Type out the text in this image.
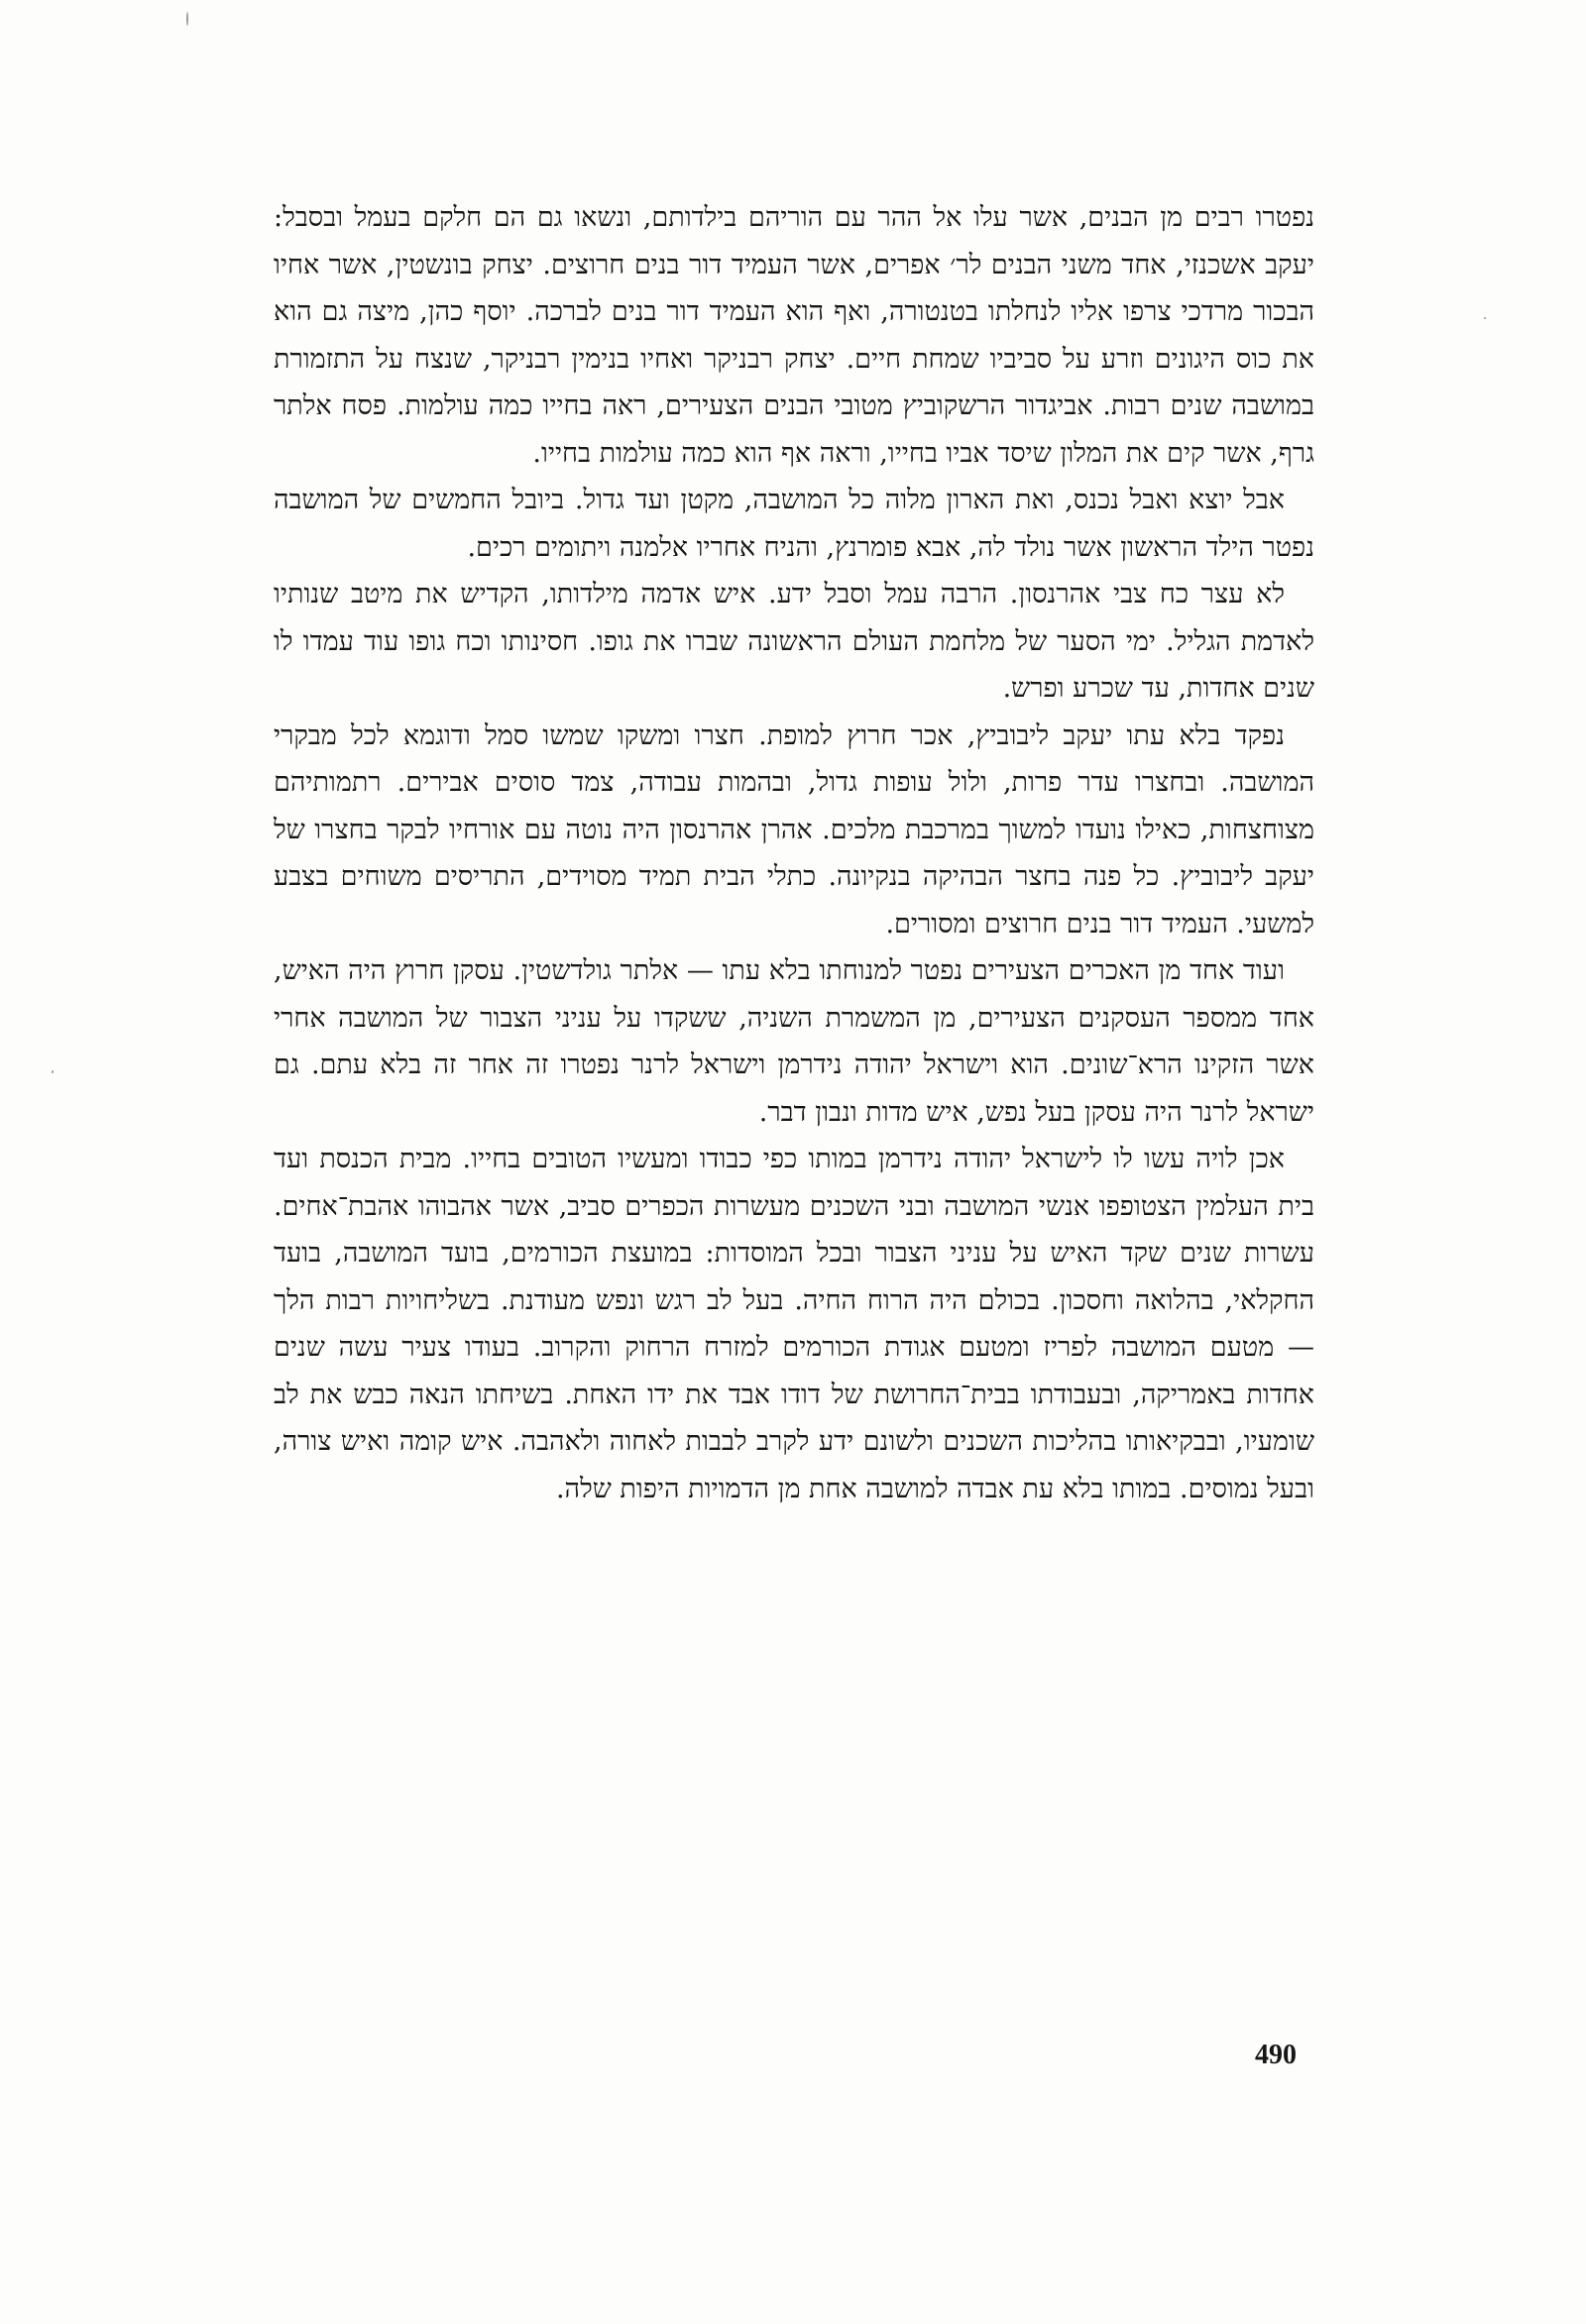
נפטרו רבים מן הבנים, אשר עלו אל ההר עם הוריהם בילדותם, ונשאו גם הם חלקם בעמל ובסבל: יעקב אשכנזי, אחד משני הבנים לר׳ אפרים, אשר העמיד דור בנים חרוצים. יצחק בונשטין, אשר אחיו הבכור מרדכי צרפו אליו לנחלתו בטנטורה, ואף הוא העמיד דור בנים לברכה. יוסף כהן, מיצה גם הוא את כוס היגונים וזרע על סביביו שמחת חיים. יצחק רבניקר ואחיו בנימין רבניקר, שנצח על התזמורת במושבה שנים רבות. אביגדור הרשקוביץ מטובי הבנים הצעירים, ראה בחייו כמה עולמות. פסח אלתר גרף, אשר קים את המלון שיסד אביו בחייו, וראה אף הוא כמה עולמות בחייו.

אבל יוצא ואבל נכנס, ואת הארון מלוה כל המושבה, מקטן ועד גדול. ביובל החמשים של המושבה נפטר הילד הראשון אשר נולד לה, אבא פומרנץ, והניח אחריו אלמנה ויתומים רכים.

לא עצר כח צבי אהרנסון. הרבה עמל וסבל ידע. איש אדמה מילדותו, הקדיש את מיטב שנותיו לאדמת הגליל. ימי הסער של מלחמת העולם הראשונה שברו את גופו. חסינותו וכח גופו עוד עמדו לו שנים אחדות, עד שכרע ופרש.

נפקד בלא עתו יעקב ליבוביץ, אכר חרוץ למופת. חצרו ומשקו שמשו סמל ודוגמא לכל מבקרי המושבה. ובחצרו עדר פרות, ולול עופות גדול, ובהמות עבודה, צמד סוסים אבירים. רתמותיהם מצוחצחות, כאילו נועדו למשוך במרכבת מלכים. אהרן אהרנסון היה נוטה עם אורחיו לבקר בחצרו של יעקב ליבוביץ. כל פנה בחצר הבהיקה בנקיונה. כתלי הבית תמיד מסוידים, התריסים משוחים בצבע למשעי. העמיד דור בנים חרוצים ומסורים.

ועוד אחד מן האכרים הצעירים נפטר למנוחתו בלא עתו — אלתר גולדשטין. עסקן חרוץ היה האיש, אחד ממספר העסקנים הצעירים, מן המשמרת השניה, ששקדו על עניני הצבור של המושבה אחרי אשר הזקינו הרא־שונים. הוא וישראל יהודה נידרמן וישראל לרנר נפטרו זה אחר זה בלא עתם. גם ישראל לרנר היה עסקן בעל נפש, איש מדות ונבון דבר.

אכן לויה עשו לו לישראל יהודה נידרמן במותו כפי כבודו ומעשיו הטובים בחייו. מבית הכנסת ועד בית העלמין הצטופפו אנשי המושבה ובני השכנים מעשרות הכפרים סביב, אשר אהבוהו אהבת־אחים. עשרות שנים שקד האיש על עניני הצבור ובכל המוסדות: במועצת הכורמים, בועד המושבה, בועד החקלאי, בהלואה וחסכון. בכולם היה הרוח החיה. בעל לב רגש ונפש מעודנת. בשליחויות רבות הלך — מטעם המושבה לפריז ומטעם אגודת הכורמים למזרח הרחוק והקרוב. בעודו צעיר עשה שנים אחדות באמריקה, ובעבודתו בבית־החרושת של דודו אבד את ידו האחת. בשיחתו הנאה כבש את לב שומעיו, ובבקיאותו בהליכות השכנים ולשונם ידע לקרב לבבות לאחוה ולאהבה. איש קומה ואיש צורה, ובעל נמוסים. במותו בלא עת אבדה למושבה אחת מן הדמויות היפות שלה.

490
